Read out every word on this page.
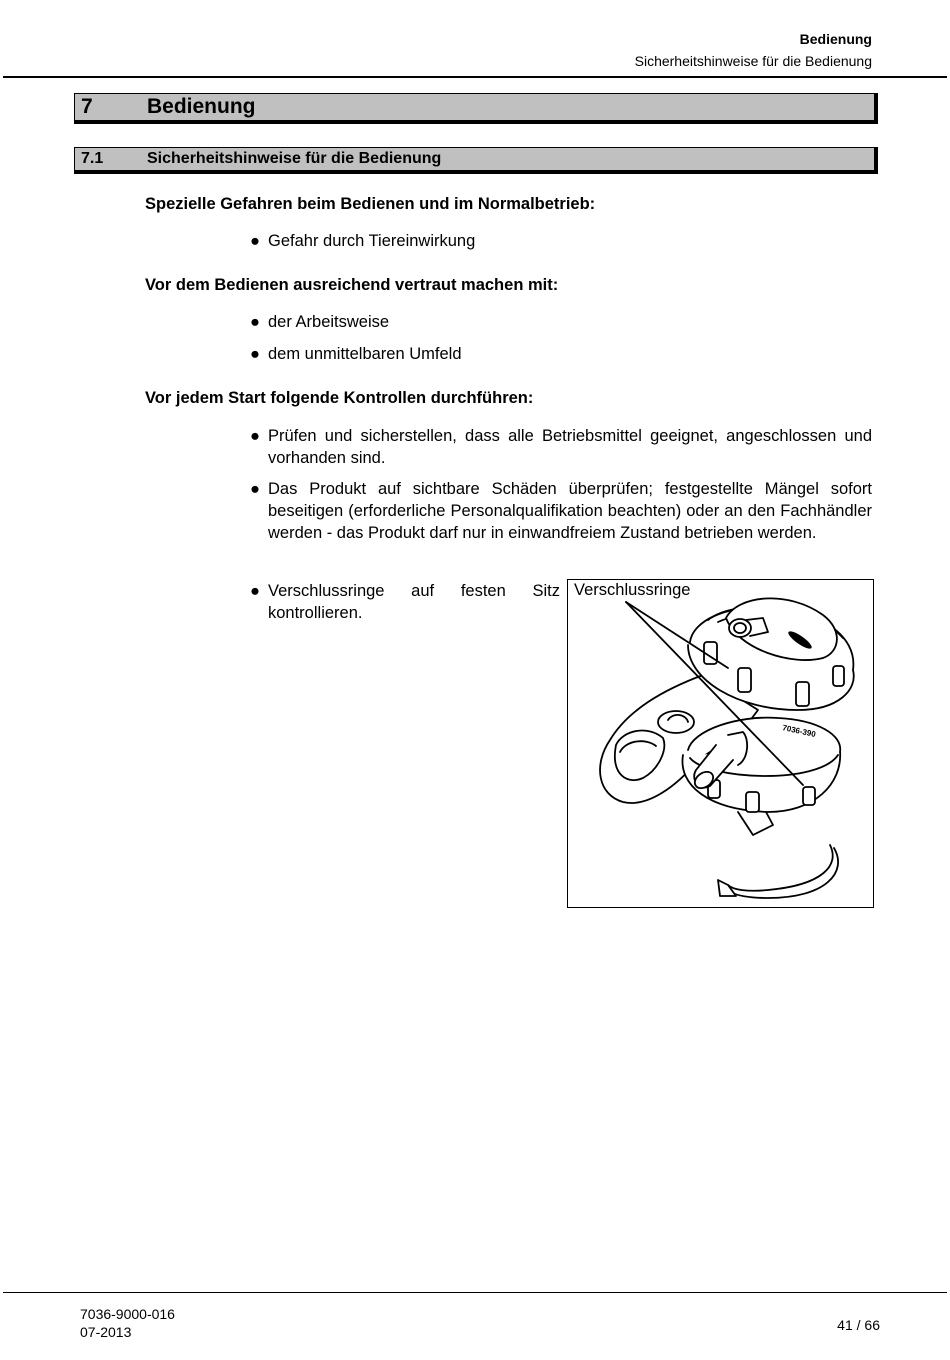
Bedienung
Sicherheitshinweise für die Bedienung
7	Bedienung
7.1	Sicherheitshinweise für die Bedienung
Spezielle Gefahren beim Bedienen und im Normalbetrieb:
● Gefahr durch Tiereinwirkung
Vor dem Bedienen ausreichend vertraut machen mit:
● der Arbeitsweise
● dem unmittelbaren Umfeld
Vor jedem Start folgende Kontrollen durchführen:
● Prüfen und sicherstellen, dass alle Betriebsmittel geeignet, angeschlossen und vorhanden sind.
● Das Produkt auf sichtbare Schäden überprüfen; festgestellte Mängel sofort beseitigen (erforderliche Personalqualifikation beachten) oder an den Fachhändler werden - das Produkt darf nur in einwandfreiem Zustand betrieben werden.
● Verschlussringe auf festen Sitz kontrollieren.
7036-390
Verschlussringe
7036-9000-016
07-2013	41 / 66
